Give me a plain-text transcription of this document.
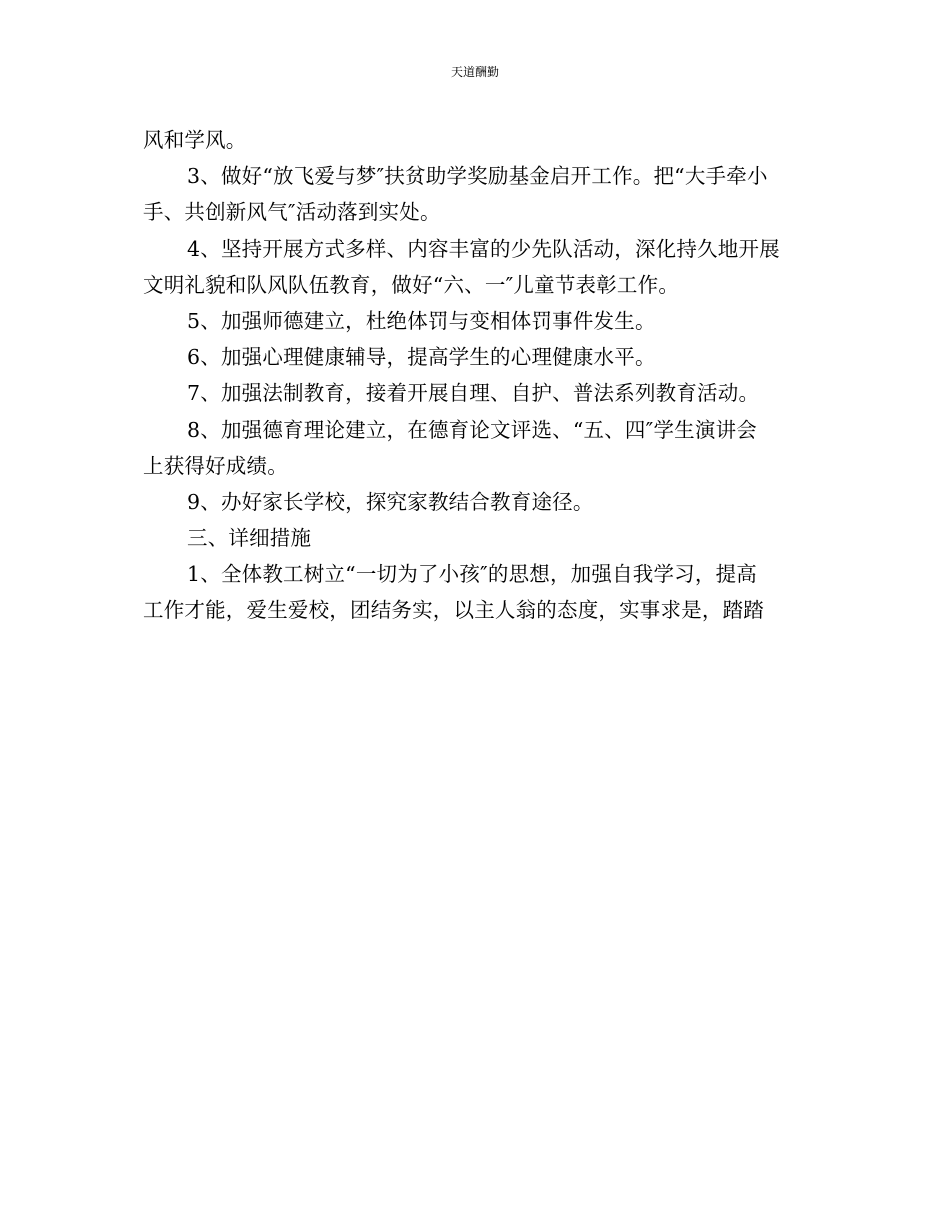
天道酬勤

风和学风。

3、做好“放飞爱与梦″扶贫助学奖励基金启开工作。把“大手牵小
手、共创新风气″活动落到实处。

4、坚持开展方式多样、内容丰富的少先队活动，深化持久地开展
文明礼貌和队风队伍教育，做好“六、一″儿童节表彰工作。

5、加强师德建立，杜绝体罚与变相体罚事件发生。

6、加强心理健康辅导，提高学生的心理健康水平。

7、加强法制教育，接着开展自理、自护、普法系列教育活动。

8、加强德育理论建立，在德育论文评选、“五、四″学生演讲会
上获得好成绩。

9、办好家长学校，探究家教结合教育途径。

三、详细措施

1、全体教工树立“一切为了小孩″的思想，加强自我学习，提高
工作才能，爱生爱校，团结务实，以主人翁的态度，实事求是，踏踏
